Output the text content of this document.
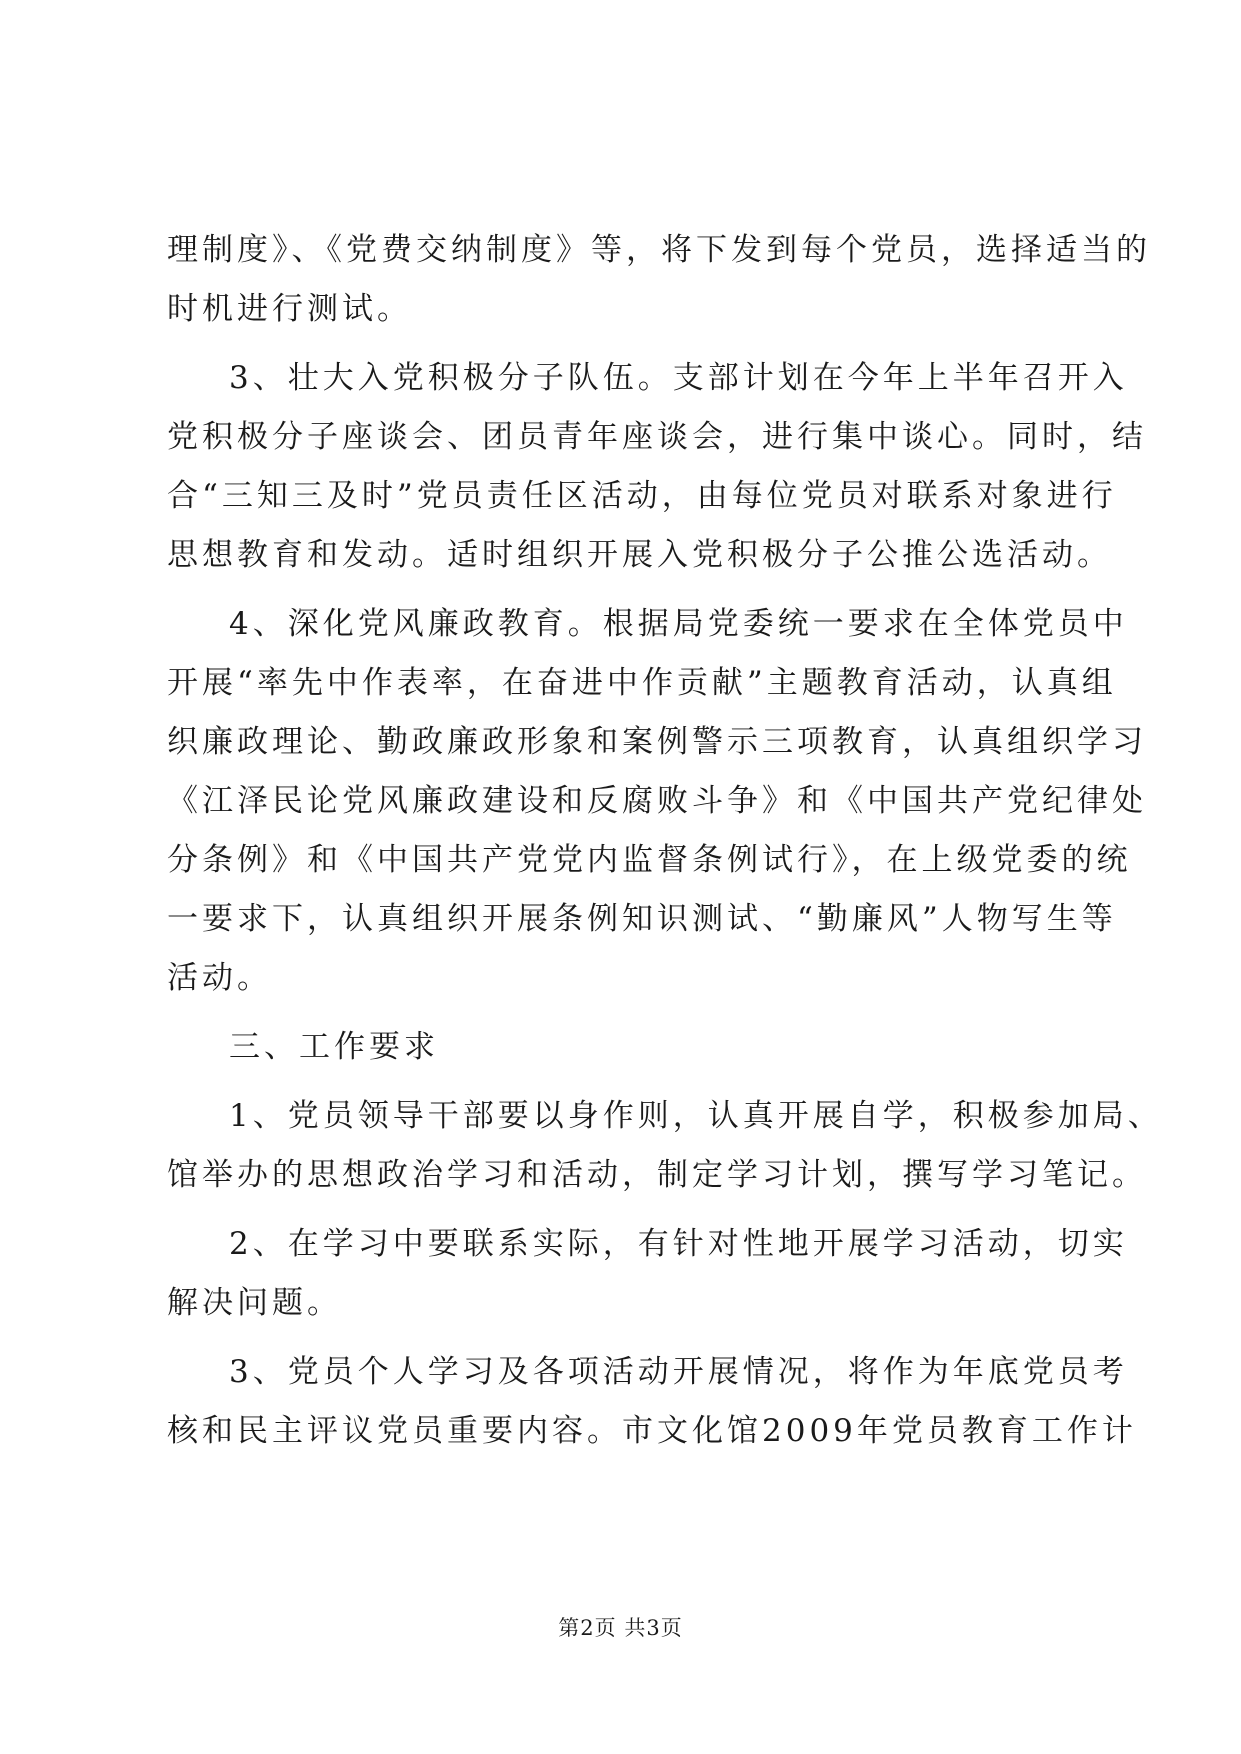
理制度》、《党费交纳制度》等，将下发到每个党员，选择适当的
时机进行测试。
3、壮大入党积极分子队伍。支部计划在今年上半年召开入
党积极分子座谈会、团员青年座谈会，进行集中谈心。同时，结
合“三知三及时”党员责任区活动，由每位党员对联系对象进行
思想教育和发动。适时组织开展入党积极分子公推公选活动。
4、深化党风廉政教育。根据局党委统一要求在全体党员中
开展“率先中作表率，在奋进中作贡献”主题教育活动，认真组
织廉政理论、勤政廉政形象和案例警示三项教育，认真组织学习
《江泽民论党风廉政建设和反腐败斗争》和《中国共产党纪律处
分条例》和《中国共产党党内监督条例试行》，在上级党委的统
一要求下，认真组织开展条例知识测试、“勤廉风”人物写生等
活动。
三、工作要求
1、党员领导干部要以身作则，认真开展自学，积极参加局、
馆举办的思想政治学习和活动，制定学习计划，撰写学习笔记。
2、在学习中要联系实际，有针对性地开展学习活动，切实
解决问题。
3、党员个人学习及各项活动开展情况，将作为年底党员考
核和民主评议党员重要内容。市文化馆2009年党员教育工作计
第2页 共3页
